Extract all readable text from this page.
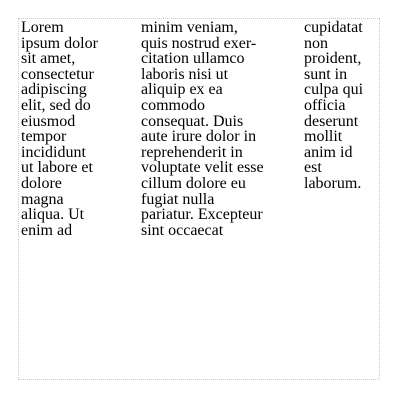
Lorem
ipsum dolor
sit amet,
consectetur
adipiscing
elit, sed do
eiusmod
tempor
incididunt
ut labore et
dolore
magna
aliqua. Ut
enim ad

minim veniam,
quis nostrud exer-
citation ullamco
laboris nisi ut
aliquip ex ea
commodo
consequat. Duis
aute irure dolor in
reprehenderit in
voluptate velit esse
cillum dolore eu
fugiat nulla
pariatur. Excepteur
sint occaecat

cupidatat
non
proident,
sunt in
culpa qui
officia
deserunt
mollit
anim id
est
laborum.
